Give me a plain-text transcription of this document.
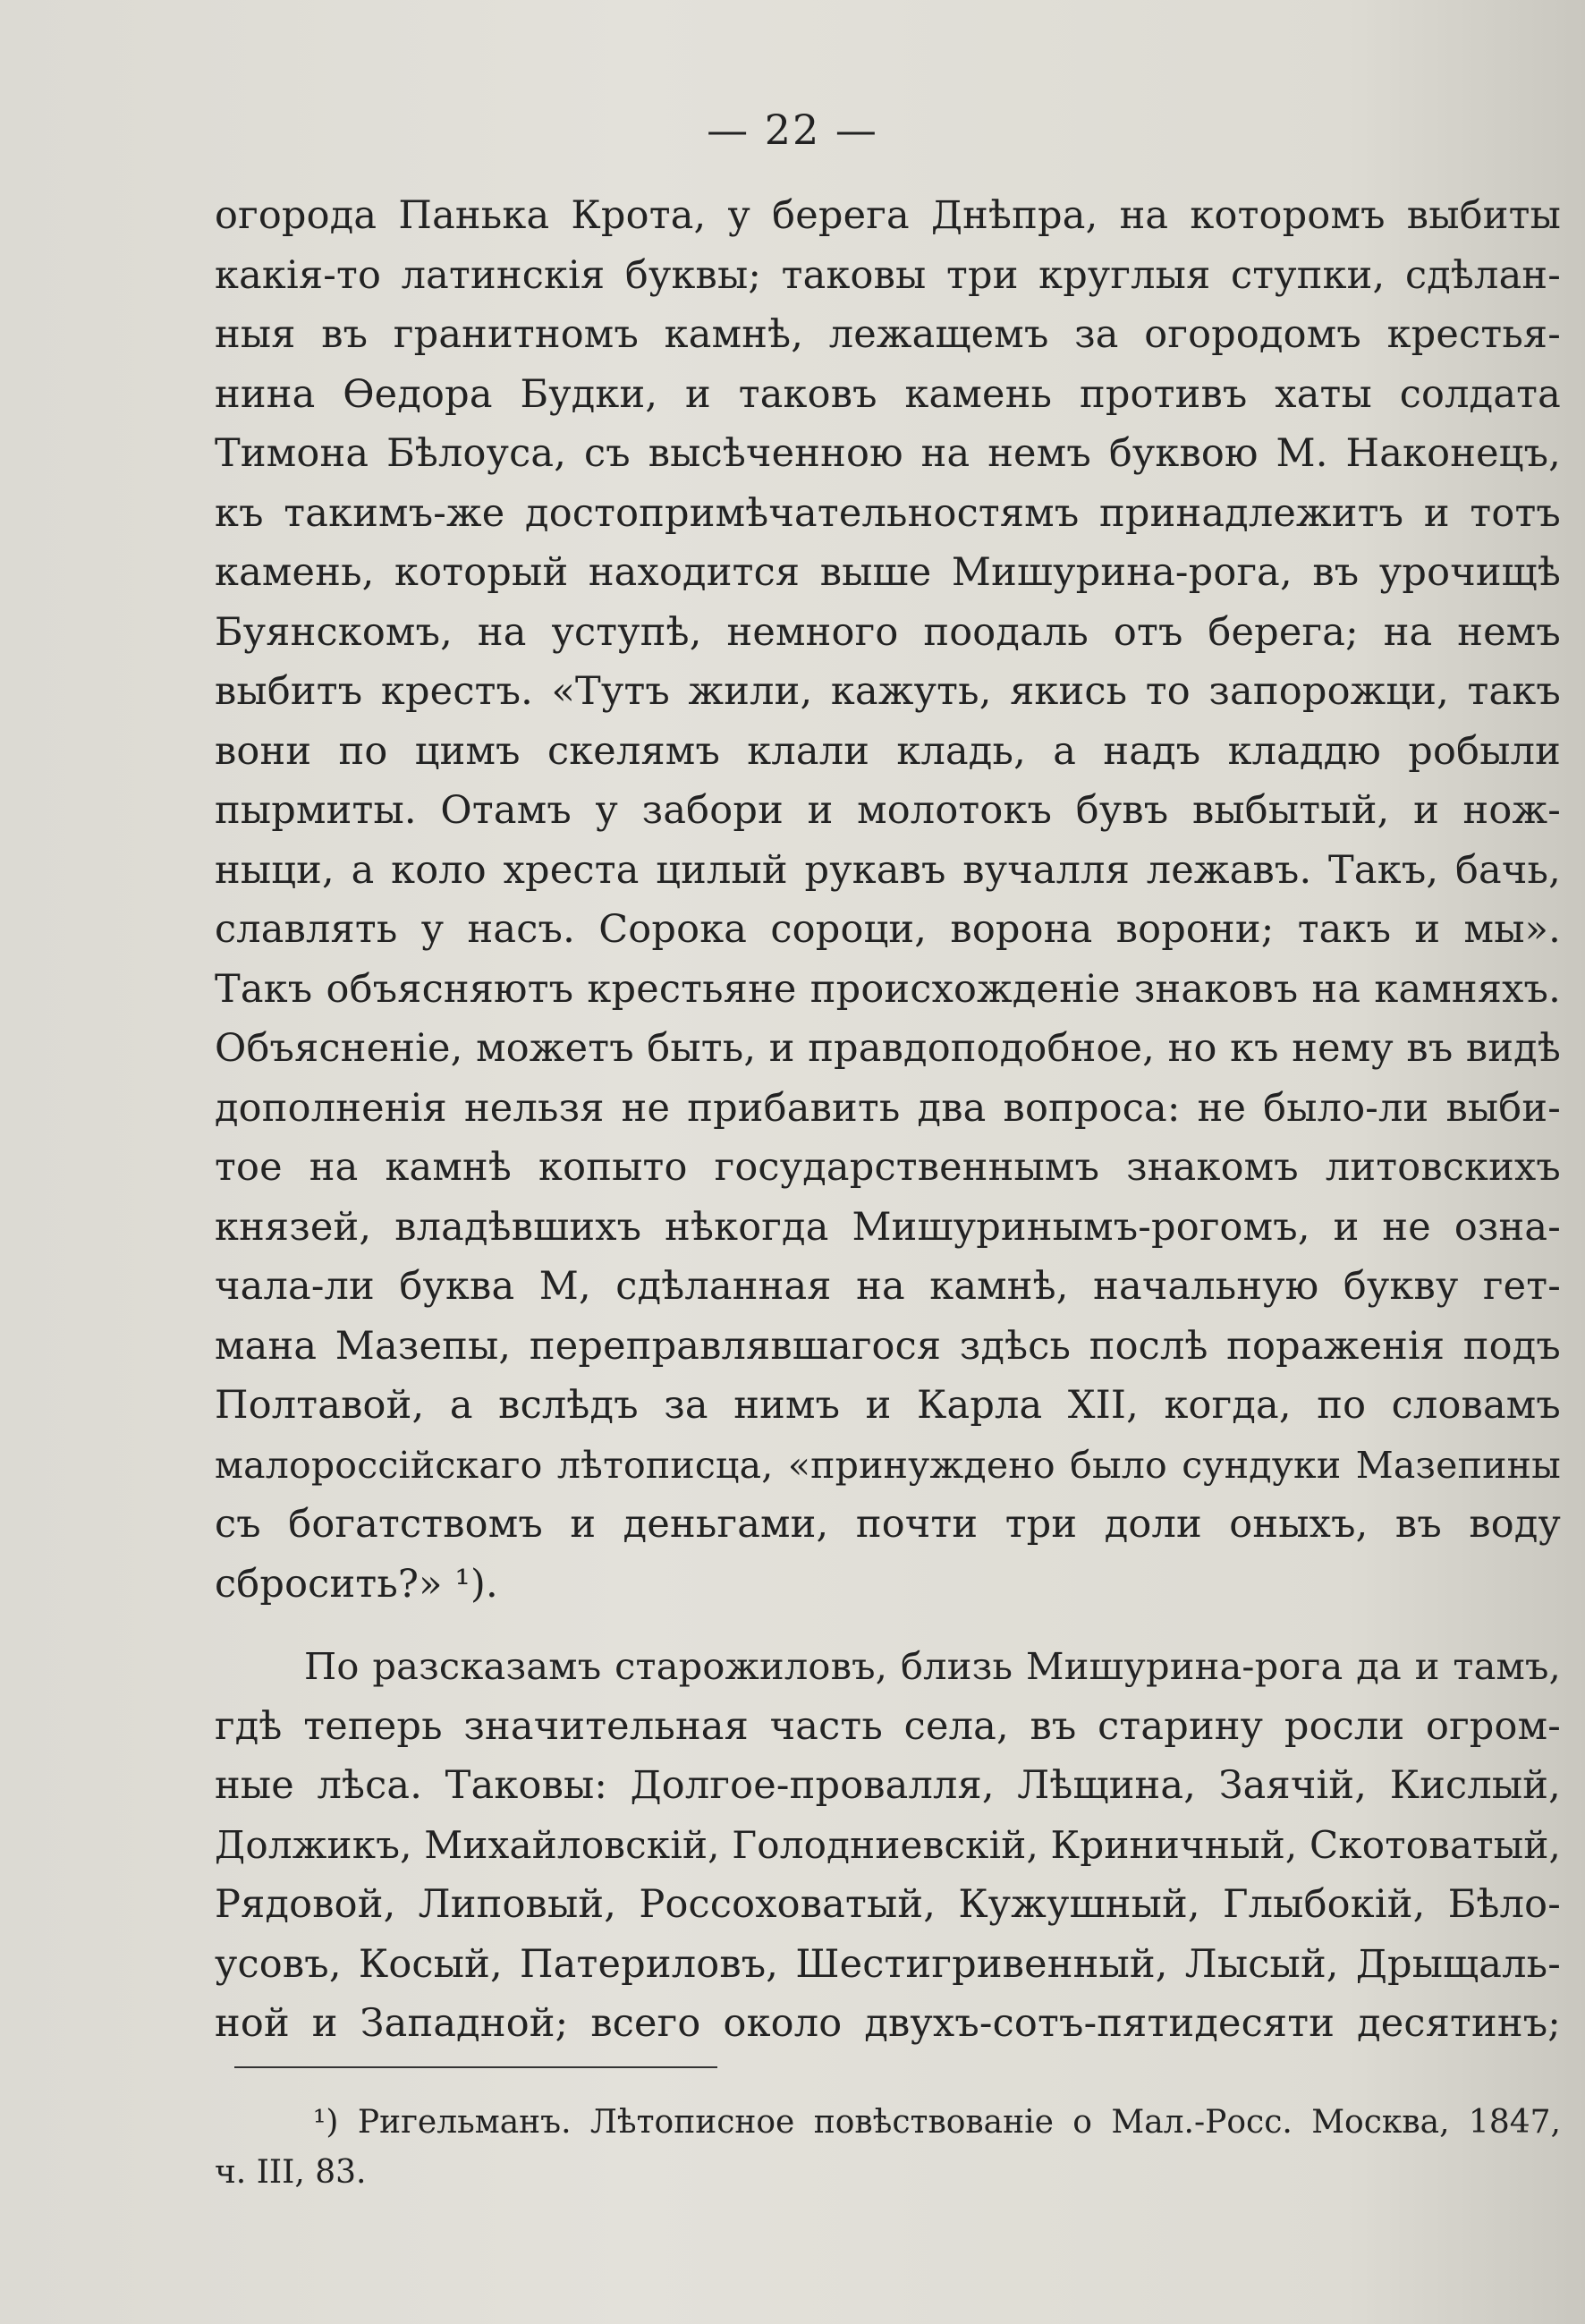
— 22 —
огорода Панька Крота, у берега Днѣпра, на которомъ выбиты
какія-то латинскія буквы; таковы три круглыя ступки, сдѣлан-
ныя въ гранитномъ камнѣ, лежащемъ за огородомъ крестья-
нина Ѳедора Будки, и таковъ камень противъ хаты солдата
Тимона Бѣлоуса, съ высѣченною на немъ буквою М. Наконецъ,
къ такимъ-же достопримѣчательностямъ принадлежитъ и тотъ
камень, который находится выше Мишурина-рога, въ урочищѣ
Буянскомъ, на уступѣ, немного поодаль отъ берега; на немъ
выбитъ крестъ. «Тутъ жили, кажуть, якись то запорожци, такъ
вони по цимъ скелямъ клали кладь, а надъ кладдю робыли
пырмиты. Отамъ у забори и молотокъ бувъ выбытый, и нож-
ныци, а коло хреста цилый рукавъ вучалля лежавъ. Такъ, бачь,
славлять у насъ. Сорока сороци, ворона ворони; такъ и мы».
Такъ объясняютъ крестьяне происхожденіе знаковъ на камняхъ.
Объясненіе, можетъ быть, и правдоподобное, но къ нему въ видѣ
дополненія нельзя не прибавить два вопроса: не было-ли выби-
тое на камнѣ копыто государственнымъ знакомъ литовскихъ
князей, владѣвшихъ нѣкогда Мишуринымъ-рогомъ, и не озна-
чала-ли буква М, сдѣланная на камнѣ, начальную букву гет-
мана Мазепы, переправлявшагося здѣсь послѣ пораженія подъ
Полтавой, а вслѣдъ за нимъ и Карла XII, когда, по словамъ
малороссійскаго лѣтописца, «принуждено было сундуки Мазепины
съ богатствомъ и деньгами, почти три доли оныхъ, въ воду
сбросить?» ¹).
По разсказамъ старожиловъ, близь Мишурина-рога да и тамъ,
гдѣ теперь значительная часть села, въ старину росли огром-
ные лѣса. Таковы: Долгое-провалля, Лѣщина, Заячій, Кислый,
Должикъ, Михайловскій, Голодниевскій, Криничный, Скотоватый,
Рядовой, Липовый, Россоховатый, Кужушный, Глыбокій, Бѣло-
усовъ, Косый, Патериловъ, Шестигривенный, Лысый, Дрыщаль-
ной и Западной; всего около двухъ-сотъ-пятидесяти десятинъ;
¹) Ригельманъ. Лѣтописное повѣствованіе о Мал.-Росс. Москва, 1847,
ч. III, 83.
